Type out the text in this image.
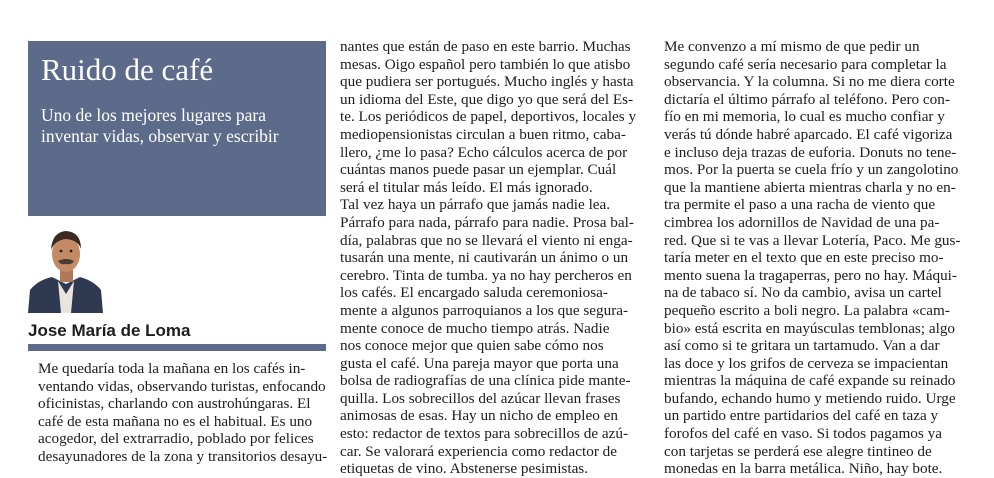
Ruido de café
Uno de los mejores lugares para
inventar vidas, observar y escribir
Jose María de Loma

Me quedaría toda la mañana en los cafés in-

ventando vidas, observando turistas, enfocando

oficinistas, charlando con austrohúngaras. El

café de esta mañana no es el habitual. Es uno

acogedor, del extrarradio, poblado por felices

desayunadores de la zona y transitorios desayu-

nantes que están de paso en este barrio. Muchas

mesas. Oigo español pero también lo que atisbo

que pudiera ser portugués. Mucho inglés y hasta

un idioma del Este, que digo yo que será del Es-

te. Los periódicos de papel, deportivos, locales y

mediopensionistas circulan a buen ritmo, caba-

llero, ¿me lo pasa? Echo cálculos acerca de por

cuántas manos puede pasar un ejemplar. Cuál

será el titular más leído. El más ignorado.

Tal vez haya un párrafo que jamás nadie lea.

Párrafo para nada, párrafo para nadie. Prosa bal-

día, palabras que no se llevará el viento ni enga-

tusarán una mente, ni cautivarán un ánimo o un

cerebro. Tinta de tumba. ya no hay percheros en

los cafés. El encargado saluda ceremoniosa-

mente a algunos parroquianos a los que segura-

mente conoce de mucho tiempo atrás. Nadie

nos conoce mejor que quien sabe cómo nos

gusta el café. Una pareja mayor que porta una

bolsa de radiografías de una clínica pide mante-

quilla. Los sobrecillos del azúcar llevan frases

animosas de esas. Hay un nicho de empleo en

esto: redactor de textos para sobrecillos de azú-

car. Se valorará experiencia como redactor de

etiquetas de vino. Abstenerse pesimistas.

Me convenzo a mí mismo de que pedir un

segundo café sería necesario para completar la

observancia. Y la columna. Si no me diera corte

dictaría el último párrafo al teléfono. Pero con-

fío en mi memoria, lo cual es mucho confiar y

verás tú dónde habré aparcado. El café vigoriza

e incluso deja trazas de euforia. Donuts no tene-

mos. Por la puerta se cuela frío y un zangolotino

que la mantiene abierta mientras charla y no en-

tra permite el paso a una racha de viento que

cimbrea los adornillos de Navidad de una pa-

red. Que si te vas a llevar Lotería, Paco. Me gus-

taría meter en el texto que en este preciso mo-

mento suena la tragaperras, pero no hay. Máqui-

na de tabaco sí. No da cambio, avisa un cartel

pequeño escrito a boli negro. La palabra «cam-

bio» está escrita en mayúsculas temblonas; algo

así como si te gritara un tartamudo. Van a dar

las doce y los grifos de cerveza se impacientan

mientras la máquina de café expande su reinado

bufando, echando humo y metiendo ruido. Urge

un partido entre partidarios del café en taza y

forofos del café en vaso. Si todos pagamos ya

con tarjetas se perderá ese alegre tintineo de

monedas en la barra metálica. Niño, hay bote.
